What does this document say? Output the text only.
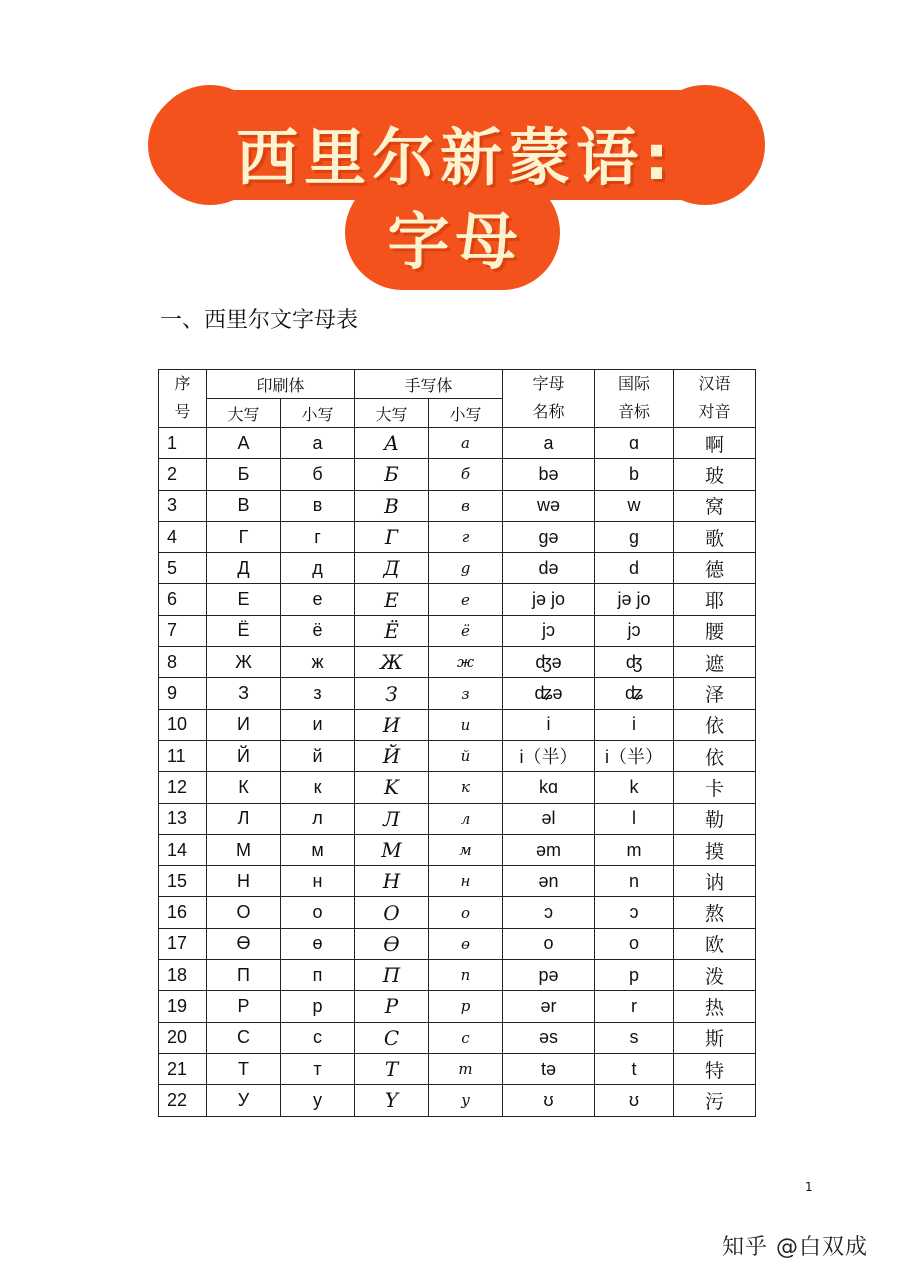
西里尔新蒙语:
字母
一、西里尔文字母表
序号	印刷体		手写体		字母名称	国际音标	汉语对音
	大写	小写	大写	小写			
1	А	а	A	a	a	ɑ	啊
2	Б	б	Б	б	bə	b	玻
3	В	в	B	в	wə	w	窝
4	Г	г	Г	г	gə	g	歌
5	Д	д	Д	g	də	d	德
6	Е	е	E	e	jə jo	jə jo	耶
7	Ё	ё	Ё	ё	jɔ	jɔ	腰
8	Ж	ж	Ж	ж	ʤə	ʤ	遮
9	З	з	З	з	ʥə	ʥ	泽
10	И	и	И	и	i	i	依
11	Й	й	Й	й	i（半）	i（半）	依
12	К	к	K	к	kɑ	k	卡
13	Л	л	Л	л	əl	l	勒
14	М	м	M	м	əm	m	摸
15	Н	н	H	н	ən	n	讷
16	О	о	O	o	ɔ	ɔ	熬
17	Ө	ө	Ө	ө	o	o	欧
18	П	п	П	n	pə	p	泼
19	Р	р	P	p	ər	r	热
20	С	с	C	c	əs	s	斯
21	Т	т	T	m	tə	t	特
22	У	у	Y	y	ʊ	ʊ	污
1
知乎 @白双成
